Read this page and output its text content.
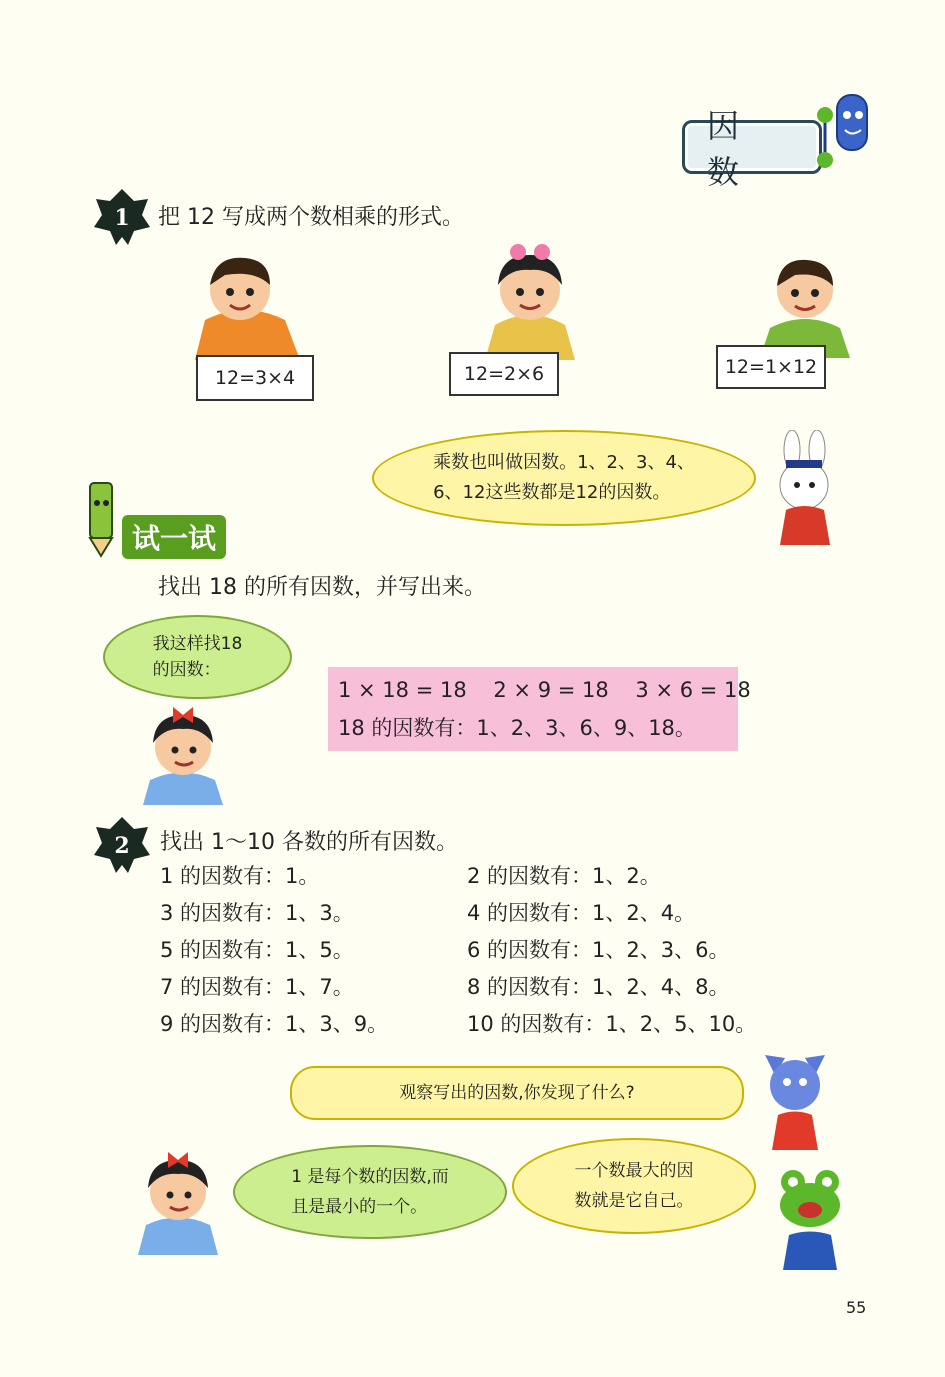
因 数
1 把 12 写成两个数相乘的形式。
12=3×4	12=2×6	12=1×12
乘数也叫做因数。1、2、3、4、
6、12这些数都是12的因数。
试一试
找出 18 的所有因数，并写出来。
我这样找18
的因数：
1 × 18 = 18    2 × 9 = 18    3 × 6 = 18
18 的因数有：1、2、3、6、9、18。
2 找出 1～10 各数的所有因数。
1 的因数有：1。
3 的因数有：1、3。
5 的因数有：1、5。
7 的因数有：1、7。
9 的因数有：1、3、9。
2 的因数有：1、2。
4 的因数有：1、2、4。
6 的因数有：1、2、3、6。
8 的因数有：1、2、4、8。
10 的因数有：1、2、5、10。
观察写出的因数,你发现了什么?
1 是每个数的因数,而
且是最小的一个。
一个数最大的因
数就是它自己。
55
